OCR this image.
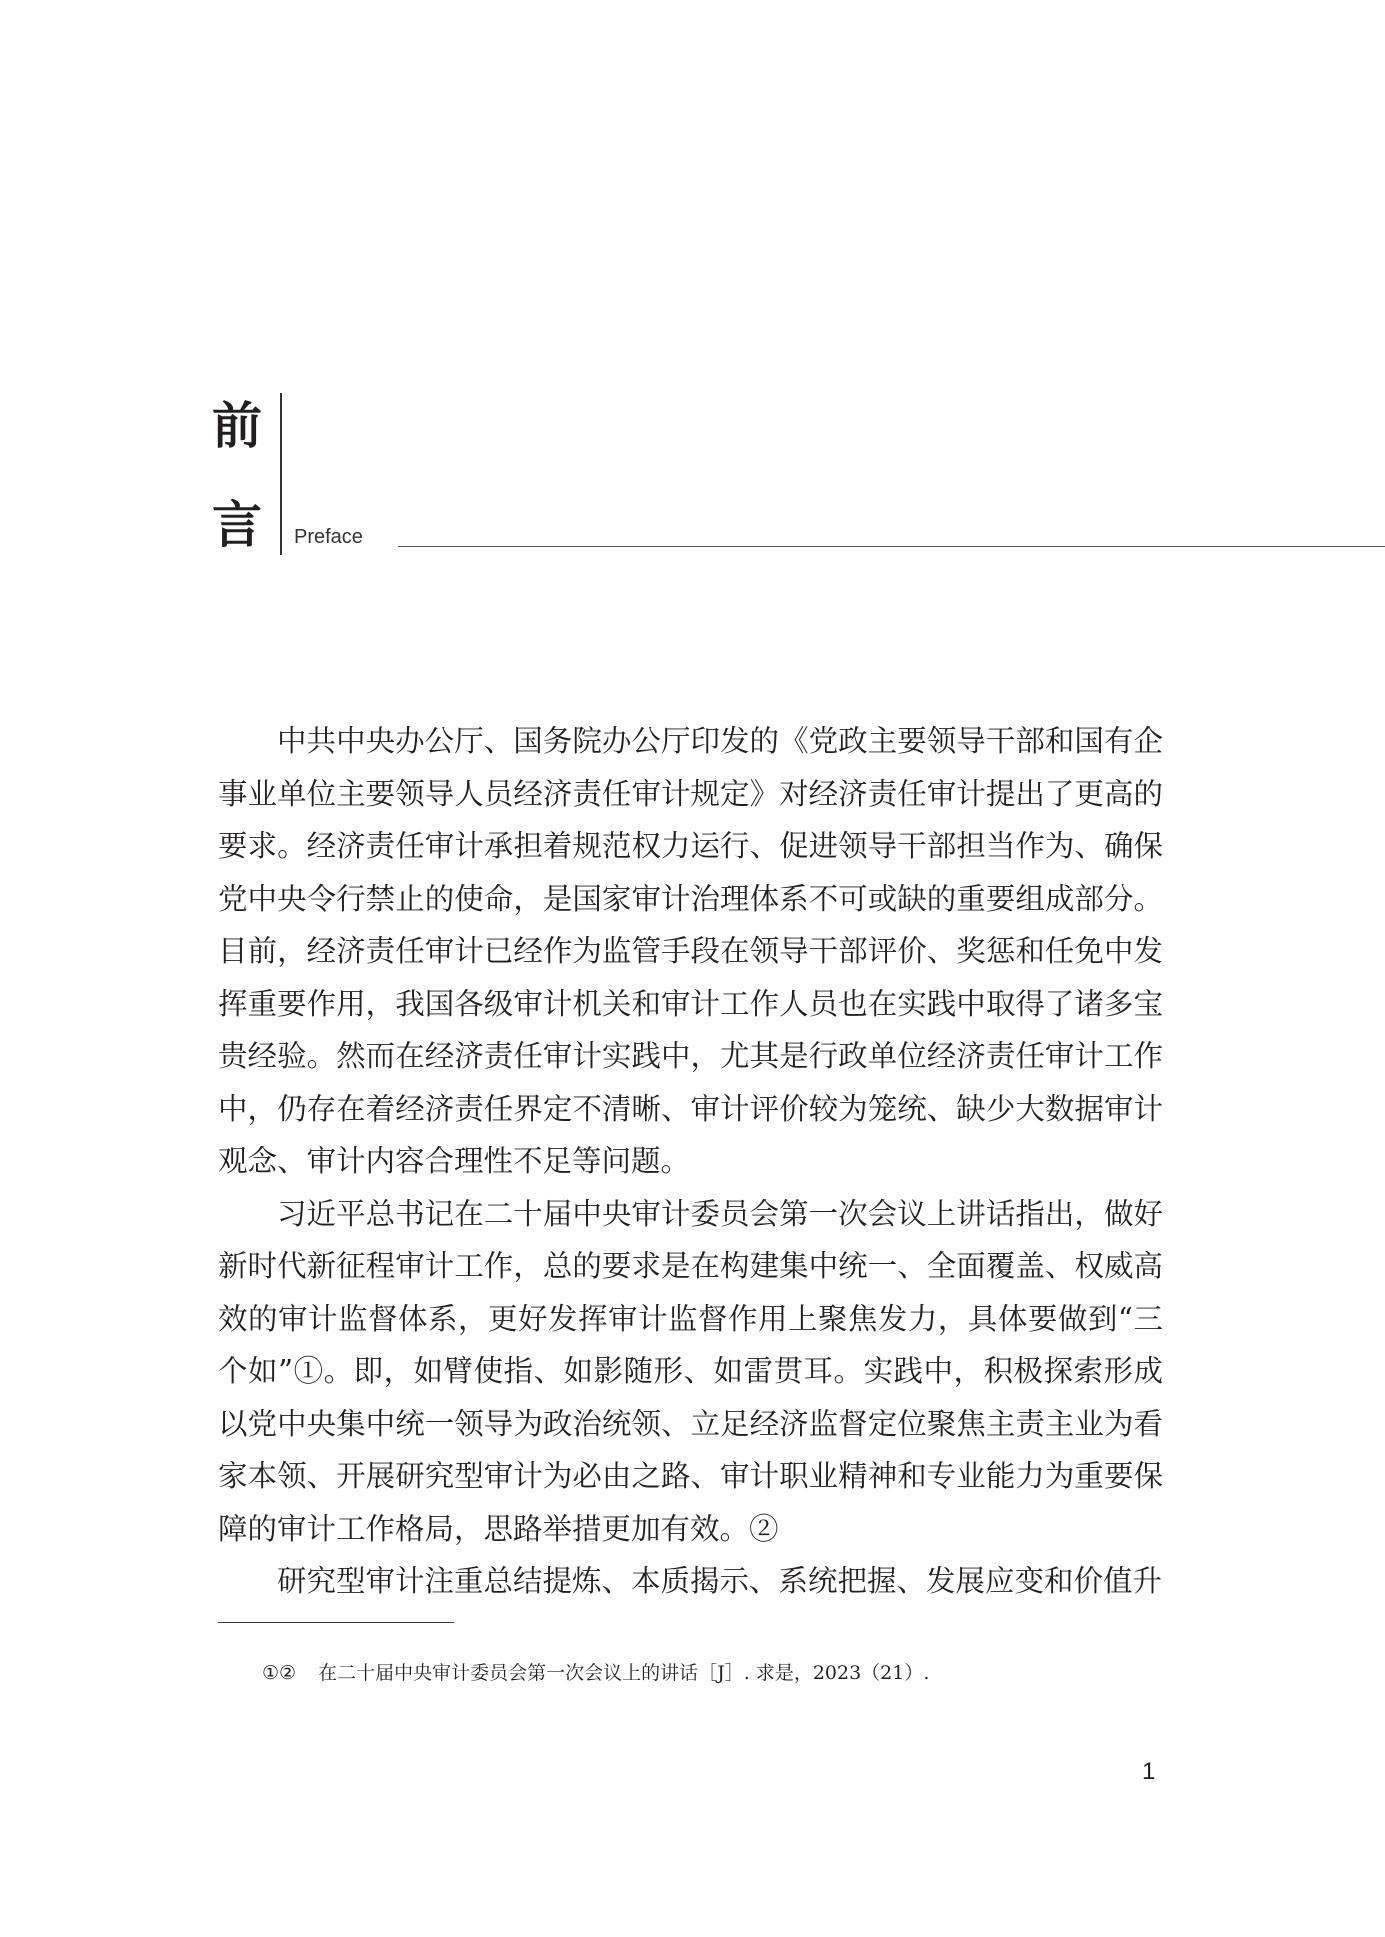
前
言 Preface

中共中央办公厅、国务院办公厅印发的《党政主要领导干部和国有企事业单位主要领导人员经济责任审计规定》对经济责任审计提出了更高的要求。经济责任审计承担着规范权力运行、促进领导干部担当作为、确保党中央令行禁止的使命，是国家审计治理体系不可或缺的重要组成部分。目前，经济责任审计已经作为监管手段在领导干部评价、奖惩和任免中发挥重要作用，我国各级审计机关和审计工作人员也在实践中取得了诸多宝贵经验。然而在经济责任审计实践中，尤其是行政单位经济责任审计工作中，仍存在着经济责任界定不清晰、审计评价较为笼统、缺少大数据审计观念、审计内容合理性不足等问题。

习近平总书记在二十届中央审计委员会第一次会议上讲话指出，做好新时代新征程审计工作，总的要求是在构建集中统一、全面覆盖、权威高效的审计监督体系，更好发挥审计监督作用上聚焦发力，具体要做到“三个如”①。即，如臂使指、如影随形、如雷贯耳。实践中，积极探索形成以党中央集中统一领导为政治统领、立足经济监督定位聚焦主责主业为看家本领、开展研究型审计为必由之路、审计职业精神和专业能力为重要保障的审计工作格局，思路举措更加有效。②

研究型审计注重总结提炼、本质揭示、系统把握、发展应变和价值升

①② 在二十届中央审计委员会第一次会议上的讲话［J］. 求是，2023（21）.
1
